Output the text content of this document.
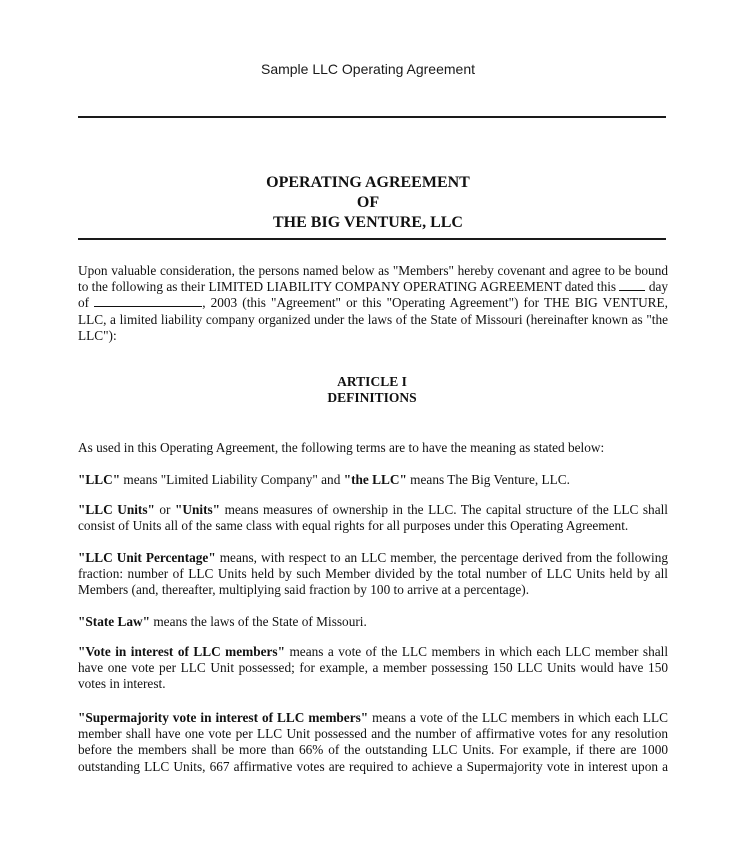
Sample LLC Operating Agreement
OPERATING AGREEMENT
OF
THE BIG VENTURE, LLC
Upon valuable consideration, the persons named below as "Members" hereby covenant and agree to be bound
to the following as their LIMITED LIABILITY COMPANY OPERATING AGREEMENT dated this day
of	, 2003 (this "Agreement" or this "Operating Agreement") for THE BIG VENTURE,
LLC, a limited liability company organized under the laws of the State of Missouri (hereinafter known as "the
LLC"):
ARTICLE I
DEFINITIONS
As used in this Operating Agreement, the following terms are to have the meaning as stated below:
"LLC" means "Limited Liability Company" and "the LLC" means The Big Venture, LLC.
"LLC Units" or "Units" means measures of ownership in the LLC. The capital structure of the LLC shall
consist of Units all of the same class with equal rights for all purposes under this Operating Agreement.
"LLC Unit Percentage" means, with respect to an LLC member, the percentage derived from the following
fraction: number of LLC Units held by such Member divided by the total number of LLC Units held by all
Members (and, thereafter, multiplying said fraction by 100 to arrive at a percentage).
"State Law" means the laws of the State of Missouri.
"Vote in interest of LLC members" means a vote of the LLC members in which each LLC member shall
have one vote per LLC Unit possessed; for example, a member possessing 150 LLC Units would have 150
votes in interest.
"Supermajority vote in interest of LLC members" means a vote of the LLC members in which each LLC
member shall have one vote per LLC Unit possessed and the number of affirmative votes for any resolution
before the members shall be more than 66% of the outstanding LLC Units. For example, if there are 1000
outstanding LLC Units, 667 affirmative votes are required to achieve a Supermajority vote in interest upon a
